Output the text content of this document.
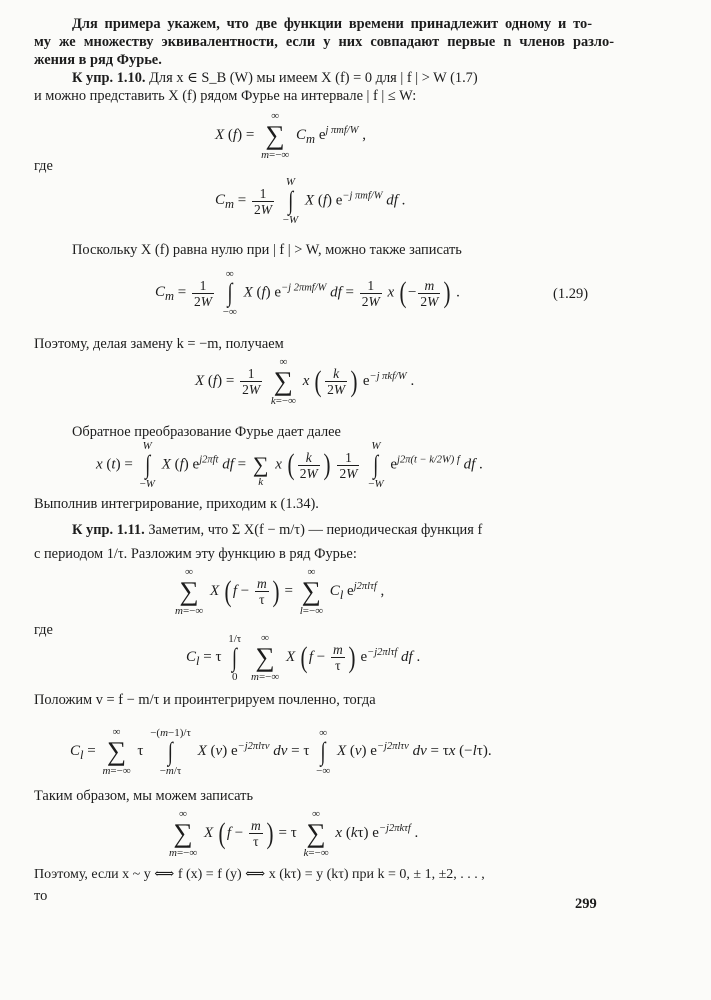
Для примера укажем, что две функции времени принадлежит одному и то-
му же множеству эквивалентности, если у них совпадают первые n членов разло-
жения в ряд Фурье.
К упр. 1.10. Для x ∈ S_B (W) мы имеем X (f) = 0 для | f | > W (1.7)
и можно представить X (f) рядом Фурье на интервале | f | ≤ W:
X (f) =
∞
∑
m=−∞
$C_m$ $e^{j \pi mf/W}$ ,
где
$C_m = \frac{1}{2W}$

W
∫
−W
X (f) $e^{-j \pi mf/W}$ df .
Поскольку X (f) равна нулю при | f | > W, можно также записать
$C_m = \frac{1}{2W}$

∞
∫
−∞
X (f) $e^{-j 2\pi mf/W}$ df = $\frac{1}{2W}$ x ( − $\frac{m}{2W}$ ) .	(1.29)
Поэтому, делая замену k = −m, получаем
X $(f) = \frac{1}{2W}$

∞
∑
k=−∞
x ( $\frac{k}{2W}$ ) $e^{-j \pi kf/W}$ .
Обратное преобразование Фурье дает далее
x (t) =
W
∫
−W
X (f) $e^{j2\pi ft}$ df =
∑
k
x ( $\frac{k}{2W}$ ) $\frac{1}{2W}$

W
∫
−W
$e^{j2\pi(t - k/2W) f}$ df .
Выполнив интегрирование, приходим к (1.34).
К упр. 1.11. Заметим, что Σ X(f − m/τ) — периодическая функция f
с периодом 1/τ. Разложим эту функцию в ряд Фурье:
∞
∑
m=−∞
X ( $f - \frac{m}{\tau}$ ) =
∞
∑
l=−∞
$C_l$ $e^{j2\pi l\tau f}$ ,
где
$C_l = \tau$
1/τ
∫
0

∞
∑
m=−∞
X ( $f - \frac{m}{\tau}$ ) $e^{-j2\pi l\tau f}$ df .
Положим v = f − m/τ и проинтегрируем почленно, тогда
$C_l$ =
∞
∑
m=−∞
τ
−(m−1)/τ
∫
−m/τ
X (v) $e^{-j2\pi l\tau v}$ dv = τ
∞
∫
−∞
X (v) $e^{-j2\pi l\tau v}$ dv = τx (−lτ).
Таким образом, мы можем записать
∞
∑
m=−∞
X ( $f - \frac{m}{\tau}$ ) = τ
∞
∑
k=−∞
x (kτ) $e^{-j2\pi k\tau f}$ .
Поэтому, если x ~ y ⟺ f (x) = f (y) ⟺ x (kτ) = y (kτ) при k = 0, ± 1, ±2, . . . ,
то	299
